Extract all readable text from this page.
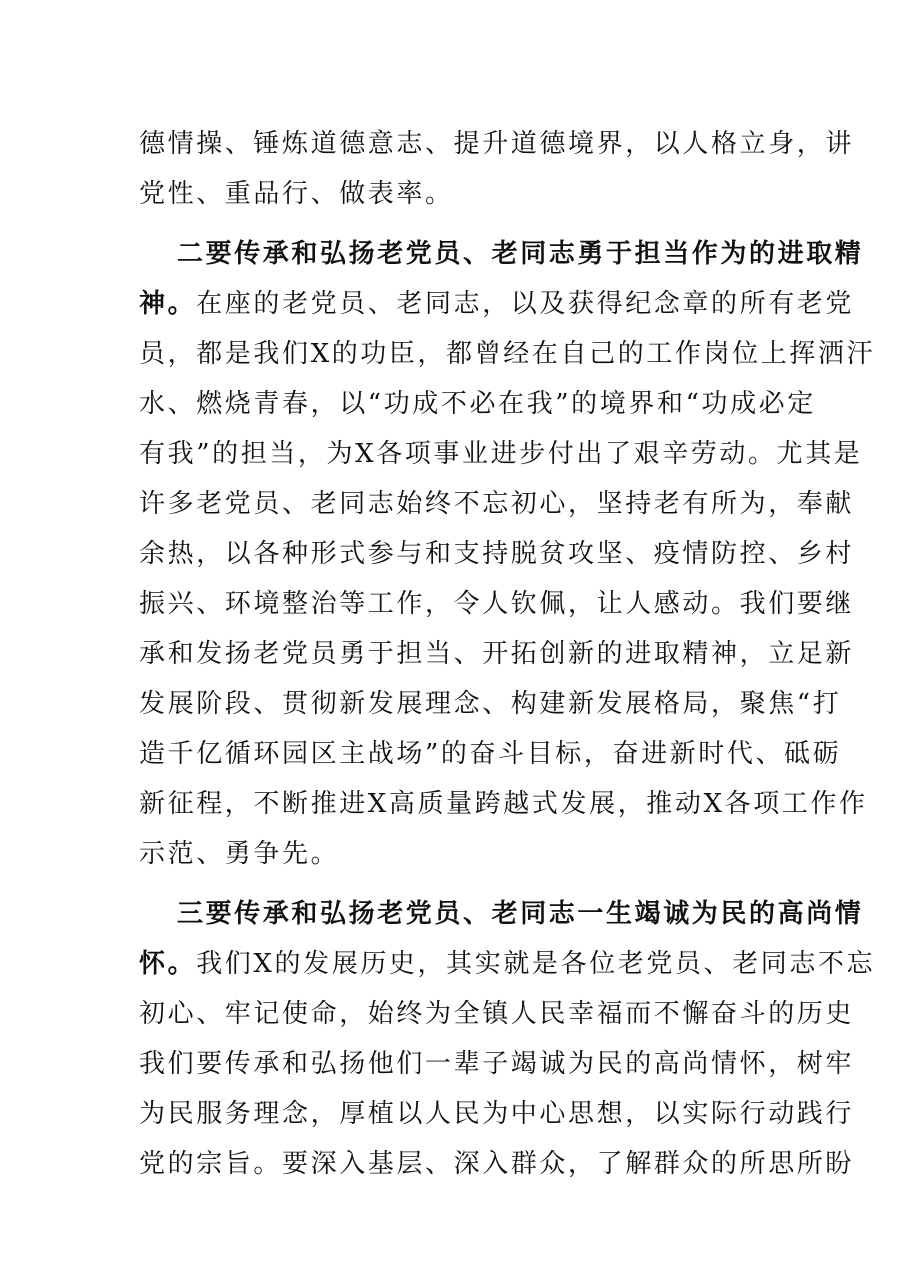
德情操、锤炼道德意志、提升道德境界，以人格立身，讲
党性、重品行、做表率。
二要传承和弘扬老党员、老同志勇于担当作为的进取精
神。在座的老党员、老同志，以及获得纪念章的所有老党
员，都是我们X的功臣，都曾经在自己的工作岗位上挥洒汗
水、燃烧青春，以“功成不必在我”的境界和“功成必定
有我”的担当，为X各项事业进步付出了艰辛劳动。尤其是
许多老党员、老同志始终不忘初心，坚持老有所为，奉献
余热，以各种形式参与和支持脱贫攻坚、疫情防控、乡村
振兴、环境整治等工作，令人钦佩，让人感动。我们要继
承和发扬老党员勇于担当、开拓创新的进取精神，立足新
发展阶段、贯彻新发展理念、构建新发展格局，聚焦“打
造千亿循环园区主战场”的奋斗目标，奋进新时代、砥砺
新征程，不断推进X高质量跨越式发展，推动X各项工作作
示范、勇争先。
三要传承和弘扬老党员、老同志一生竭诚为民的高尚情
怀。我们X的发展历史，其实就是各位老党员、老同志不忘
初心、牢记使命，始终为全镇人民幸福而不懈奋斗的历史
我们要传承和弘扬他们一辈子竭诚为民的高尚情怀，树牢
为民服务理念，厚植以人民为中心思想，以实际行动践行
党的宗旨。要深入基层、深入群众，了解群众的所思所盼
